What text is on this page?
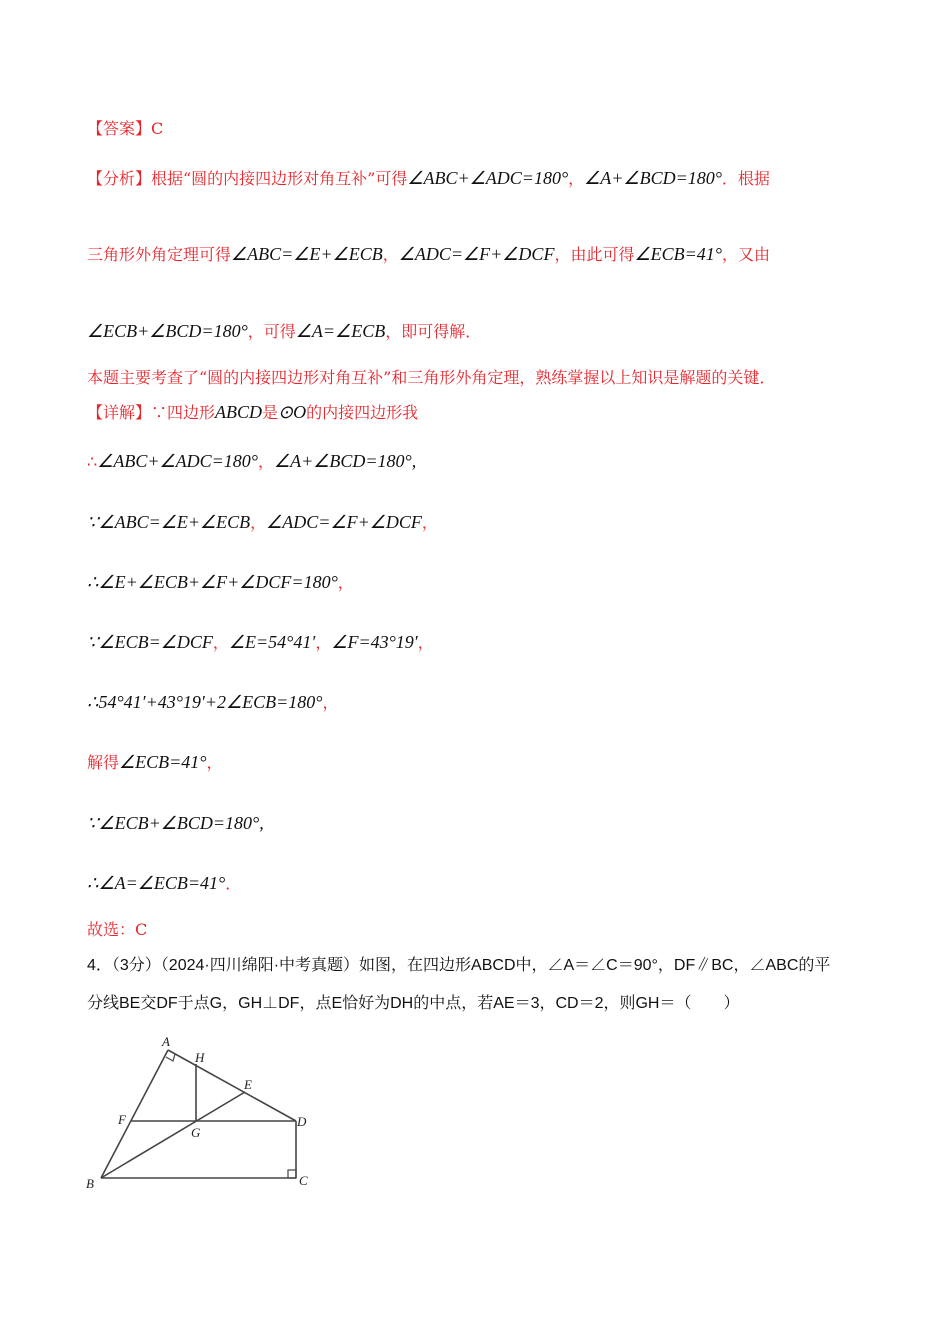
【答案】C
【分析】根据“圆的内接四边形对角互补”可得∠ABC+∠ADC=180°，∠A+∠BCD=180°．根据
三角形外角定理可得∠ABC=∠E+∠ECB，∠ADC=∠F+∠DCF，由此可得∠ECB=41°，又由
∠ECB+∠BCD=180°，可得∠A=∠ECB，即可得解．
本题主要考查了“圆的内接四边形对角互补”和三角形外角定理，熟练掌握以上知识是解题的关键．
【详解】∵四边形ABCD是⊙O的内接四边形我
∴∠ABC+∠ADC=180°，∠A+∠BCD=180°,
∵∠ABC=∠E+∠ECB，∠ADC=∠F+∠DCF，
∴∠E+∠ECB+∠F+∠DCF=180°，
∵∠ECB=∠DCF，∠E=54°41′，∠F=43°19′，
∴54°41′+43°19′+2∠ECB=180°，
解得∠ECB=41°，
∵∠ECB+∠BCD=180°,
∴∠A=∠ECB=41°．
故选：C
4．（3分）（2024·四川绵阳·中考真题）如图，在四边形ABCD中，∠A＝∠C＝90°，DF∥BC，∠ABC的平
分线BE交DF于点G，GH⊥DF，点E恰好为DH的中点，若AE＝3，CD＝2，则GH＝（　　）
A
H
E
F
G
D
B	C
